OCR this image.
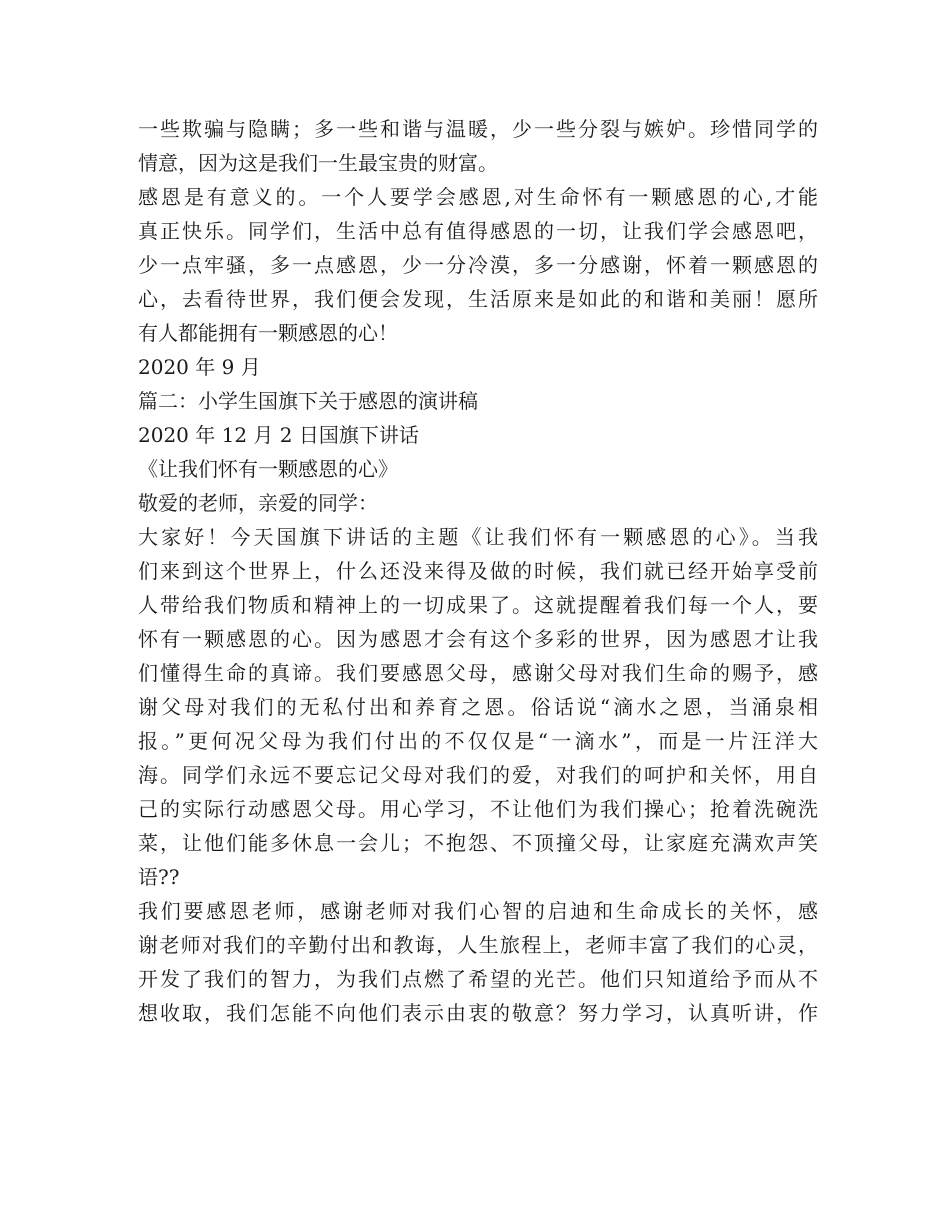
一些欺骗与隐瞒；多一些和谐与温暖，少一些分裂与嫉妒。珍惜同学的
情意，因为这是我们一生最宝贵的财富。
感恩是有意义的。一个人要学会感恩,对生命怀有一颗感恩的心,才能
真正快乐。同学们，生活中总有值得感恩的一切，让我们学会感恩吧，
少一点牢骚，多一点感恩，少一分冷漠，多一分感谢，怀着一颗感恩的
心，去看待世界，我们便会发现，生活原来是如此的和谐和美丽！愿所
有人都能拥有一颗感恩的心！
2020 年 9 月
篇二：小学生国旗下关于感恩的演讲稿
2020 年 12 月 2 日国旗下讲话
《让我们怀有一颗感恩的心》
敬爱的老师，亲爱的同学：
大家好！今天国旗下讲话的主题《让我们怀有一颗感恩的心》。当我
们来到这个世界上，什么还没来得及做的时候，我们就已经开始享受前
人带给我们物质和精神上的一切成果了。这就提醒着我们每一个人，要
怀有一颗感恩的心。因为感恩才会有这个多彩的世界，因为感恩才让我
们懂得生命的真谛。我们要感恩父母，感谢父母对我们生命的赐予，感
谢父母对我们的无私付出和养育之恩。俗话说“滴水之恩，当涌泉相
报。”更何况父母为我们付出的不仅仅是“一滴水”，而是一片汪洋大
海。同学们永远不要忘记父母对我们的爱，对我们的呵护和关怀，用自
己的实际行动感恩父母。用心学习，不让他们为我们操心；抢着洗碗洗
菜，让他们能多休息一会儿；不抱怨、不顶撞父母，让家庭充满欢声笑
语??
我们要感恩老师，感谢老师对我们心智的启迪和生命成长的关怀，感
谢老师对我们的辛勤付出和教诲，人生旅程上，老师丰富了我们的心灵，
开发了我们的智力，为我们点燃了希望的光芒。他们只知道给予而从不
想收取，我们怎能不向他们表示由衷的敬意？努力学习，认真听讲，作
